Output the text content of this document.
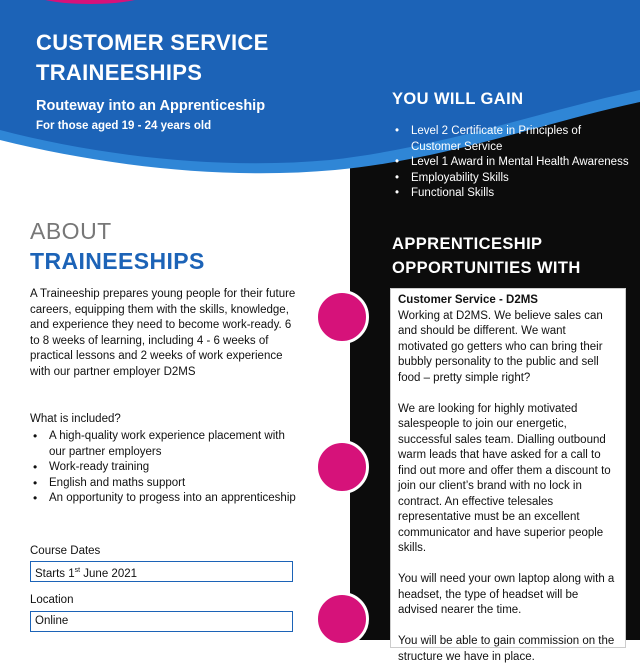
CUSTOMER SERVICE
TRAINEESHIPS
Routeway into an Apprenticeship
For those aged 19 - 24 years old
ABOUT
TRAINEESHIPS
A Traineeship prepares young people for their future careers, equipping them with the skills, knowledge, and experience they need to become work-ready. 6 to 8 weeks of learning, including 4 - 6 weeks of practical lessons and 2 weeks of work experience with our partner employer D2MS
What is included?
• A high-quality work experience placement with our partner employers
• Work-ready training
• English and maths support
• An opportunity to progess into an apprenticeship
Course Dates
Starts 1st June 2021
Location
Online
YOU WILL GAIN
• Level 2 Certificate in Principles of Customer Service
• Level 1 Award in Mental Health Awareness
• Employability Skills
• Functional Skills
APPRENTICESHIP OPPORTUNITIES WITH
Customer Service - D2MS

Working at D2MS. We believe sales can and should be different. We want motivated go getters who can bring their bubbly personality to the public and sell food – pretty simple right?

We are looking for highly motivated salespeople to join our energetic, successful sales team. Dialling outbound warm leads that have asked for a call to find out more and offer them a discount to join our client’s brand with no lock in contract. An effective telesales representative must be an excellent communicator and have superior people skills.

You will need your own laptop along with a headset, the type of headset will be advised nearer the time.

You will be able to gain commission on the structure we have in place.
